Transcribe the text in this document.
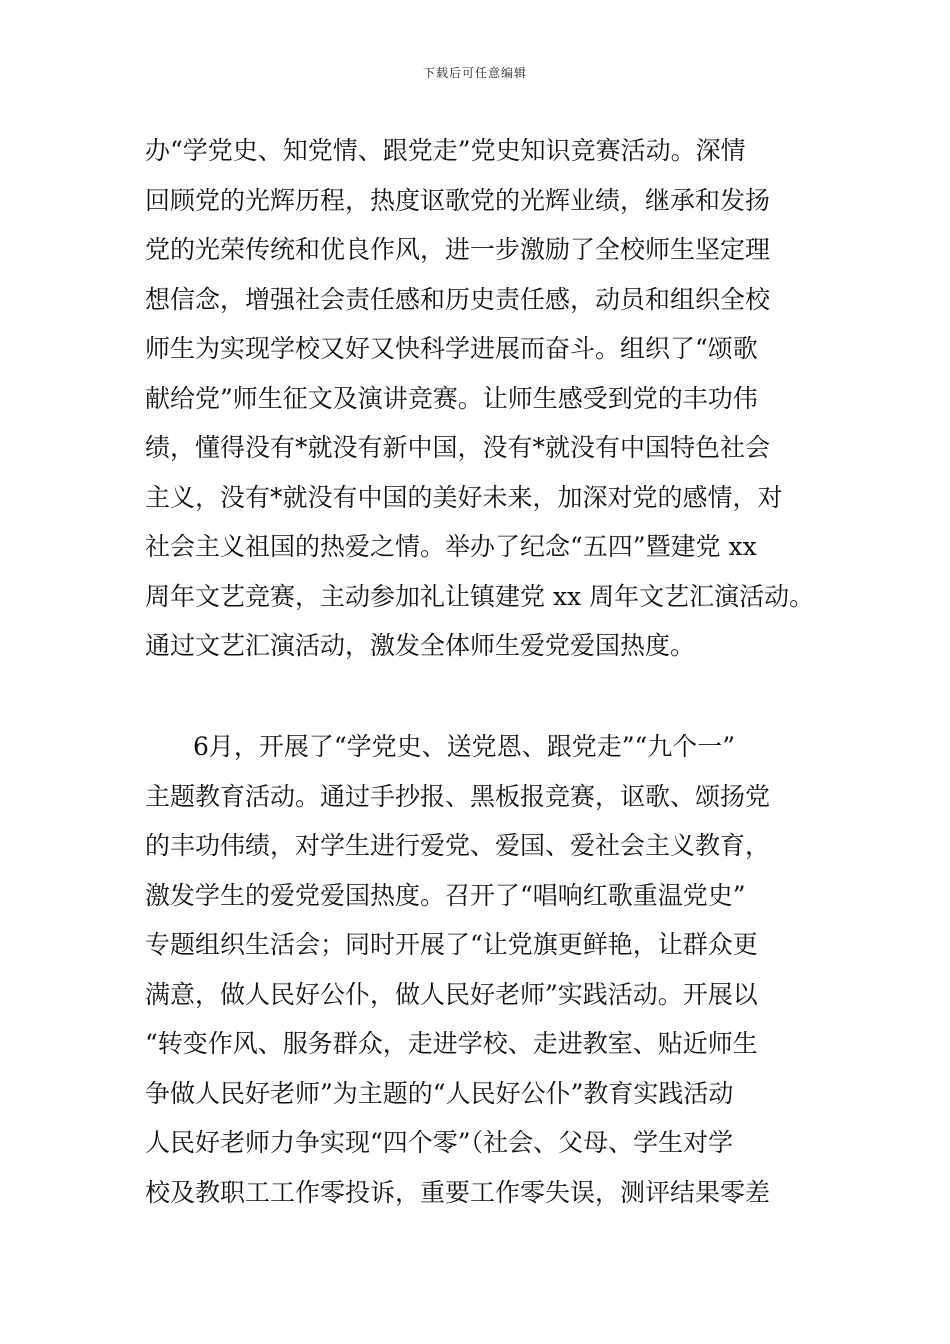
下载后可任意编辑
办“学党史、知党情、跟党走”党史知识竞赛活动。深情
回顾党的光辉历程，热度讴歌党的光辉业绩，继承和发扬
党的光荣传统和优良作风，进一步激励了全校师生坚定理
想信念，增强社会责任感和历史责任感，动员和组织全校
师生为实现学校又好又快科学进展而奋斗。组织了“颂歌
献给党”师生征文及演讲竞赛。让师生感受到党的丰功伟
绩，懂得没有*就没有新中国，没有*就没有中国特色社会
主义，没有*就没有中国的美好未来，加深对党的感情，对
社会主义祖国的热爱之情。举办了纪念“五四”暨建党 xx
周年文艺竞赛，主动参加礼让镇建党 xx 周年文艺汇演活动。
通过文艺汇演活动，激发全体师生爱党爱国热度。
6月，开展了“学党史、送党恩、跟党走”“九个一”
主题教育活动。通过手抄报、黑板报竞赛，讴歌、颂扬党
的丰功伟绩，对学生进行爱党、爱国、爱社会主义教育，
激发学生的爱党爱国热度。召开了“唱响红歌重温党史”
专题组织生活会；同时开展了“让党旗更鲜艳，让群众更
满意，做人民好公仆，做人民好老师”实践活动。开展以
“转变作风、服务群众，走进学校、走进教室、贴近师生
争做人民好老师”为主题的“人民好公仆”教育实践活动
人民好老师力争实现“四个零”（社会、父母、学生对学
校及教职工工作零投诉，重要工作零失误，测评结果零差
